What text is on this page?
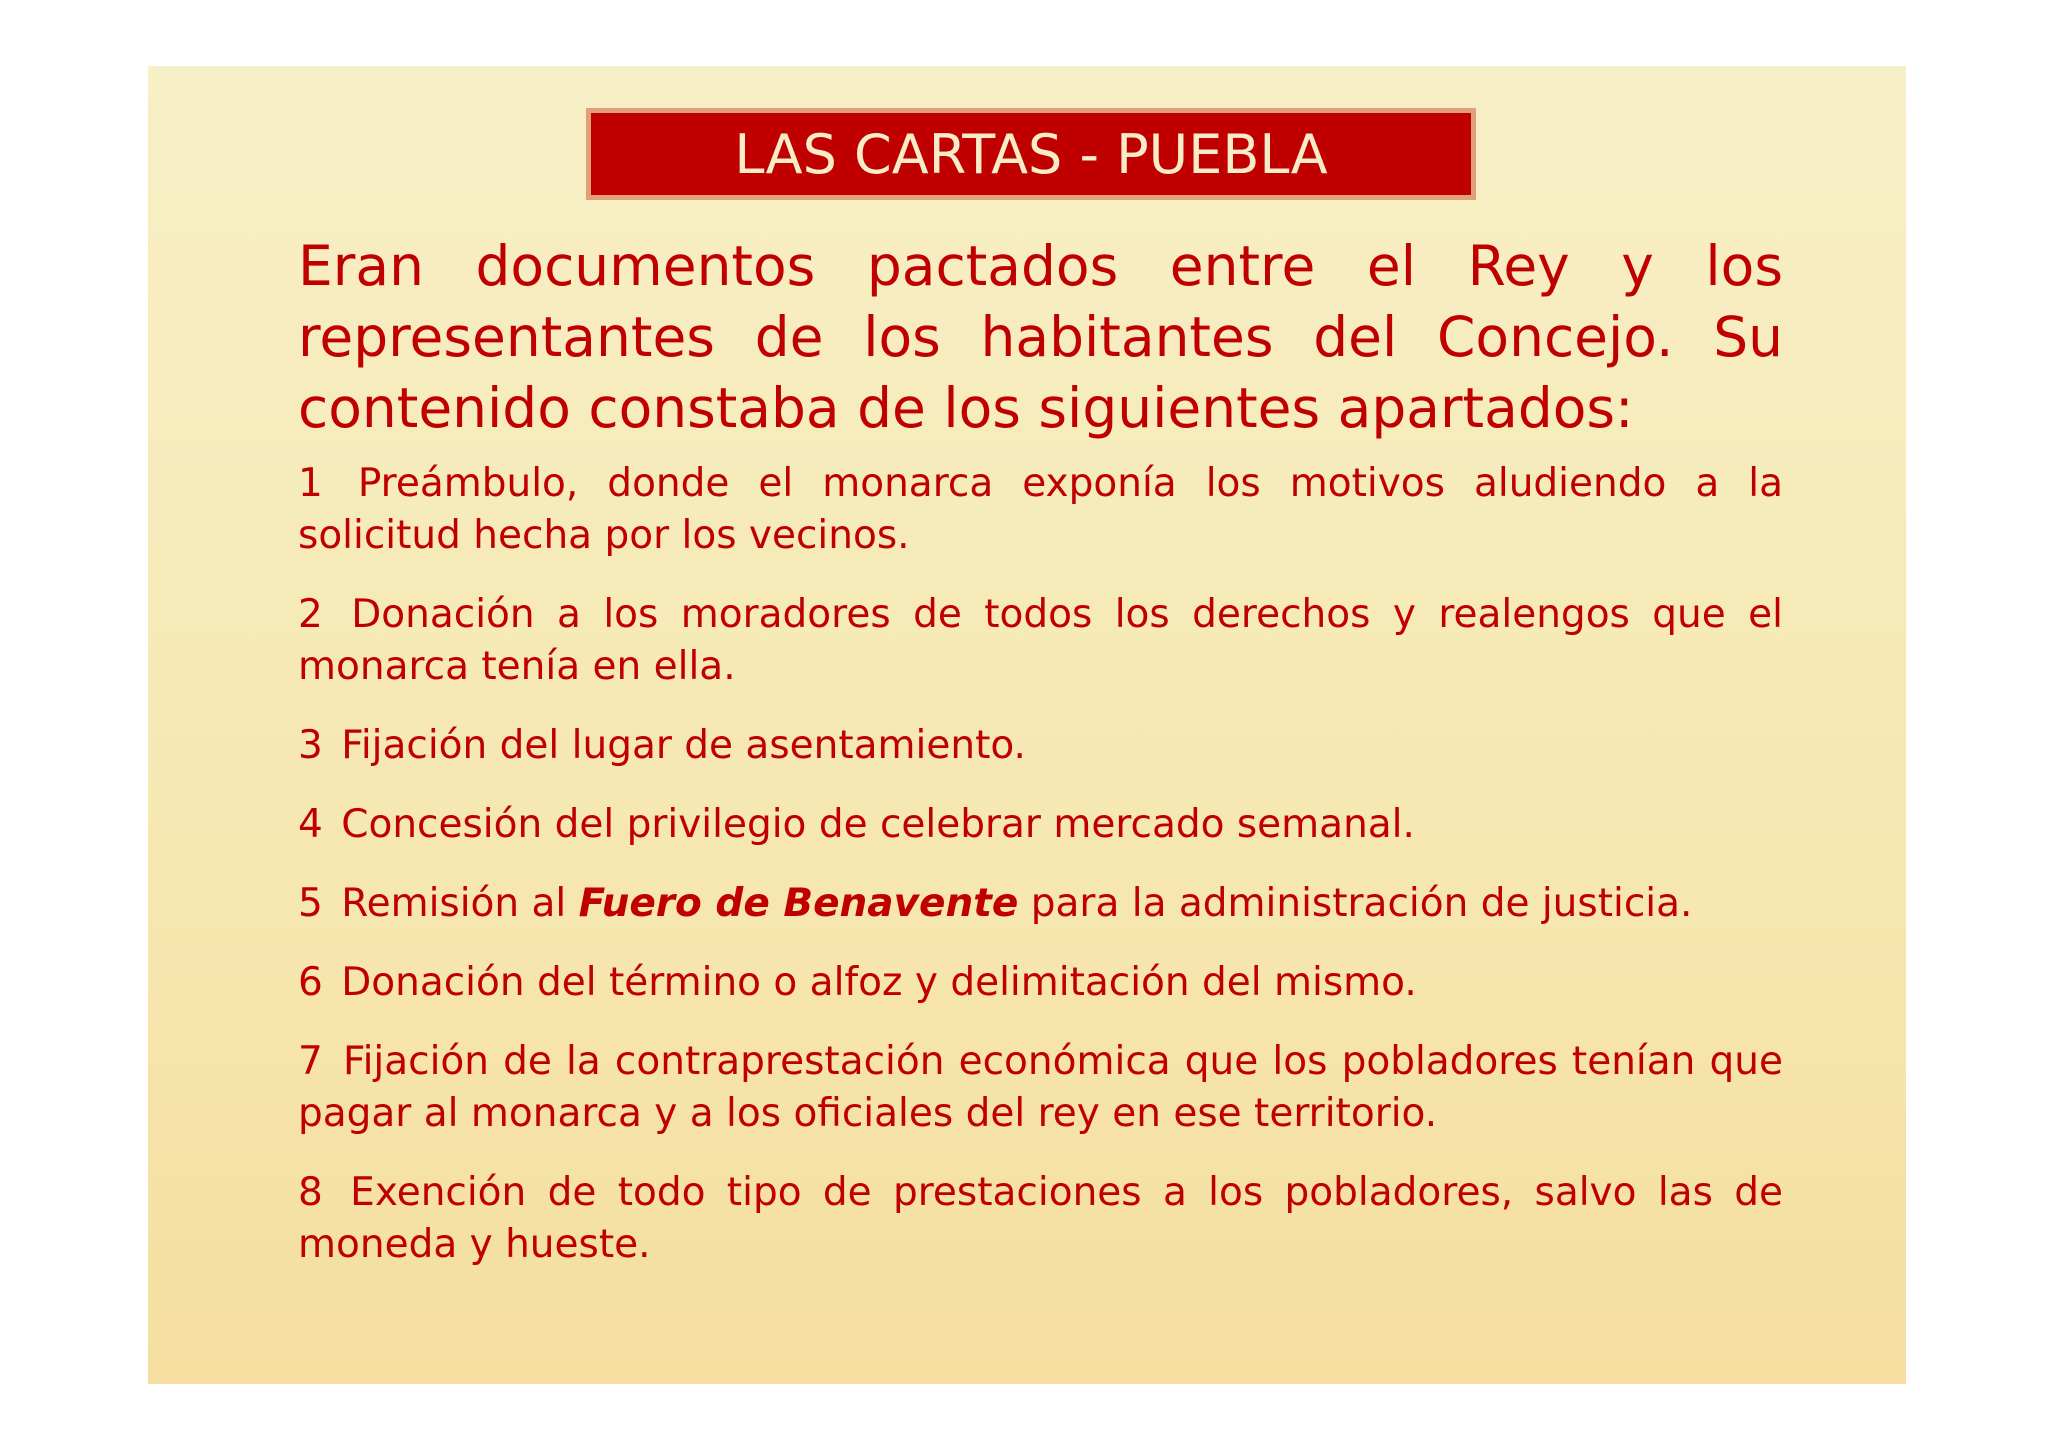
LAS CARTAS - PUEBLA

Eran documentos pactados entre el Rey y los representantes de los habitantes del Concejo. Su contenido constaba de los siguientes apartados:

1 Preámbulo, donde el monarca exponía los motivos aludiendo a la solicitud hecha por los vecinos.

2 Donación a los moradores de todos los derechos y realengos que el monarca tenía en ella.

3 Fijación del lugar de asentamiento.

4 Concesión del privilegio de celebrar mercado semanal.

5 Remisión al Fuero de Benavente para la administración de justicia.

6 Donación del término o alfoz y delimitación del mismo.

7 Fijación de la contraprestación económica que los pobladores tenían que pagar al monarca y a los oficiales del rey en ese territorio.

8 Exención de todo tipo de prestaciones a los pobladores, salvo las de moneda y hueste.
